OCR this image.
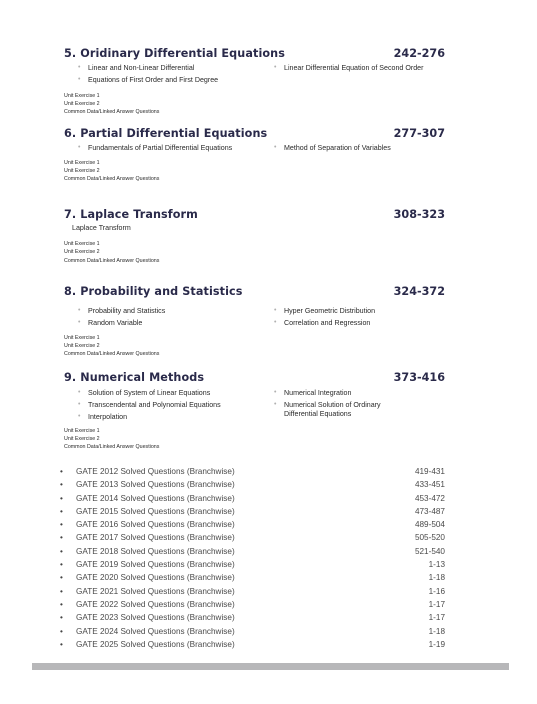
5. Oridinary Differential Equations	242-276
• Linear and Non-Linear Differential
• Equations of First Order and First Degree
• Linear Differential Equation of Second Order
Unit Exercise 1
Unit Exercise 2
Common Data/Linked Answer Questions
6. Partial Differential Equations	277-307
• Fundamentals of Partial Differential Equations
•	Method of Separation of Variables
Unit Exercise 1
Unit Exercise 2
Common Data/Linked Answer Questions
7. Laplace Transform	308-323
Laplace Transform
Unit Exercise 1
Unit Exercise 2
Common Data/Linked Answer Questions
8. Probability and Statistics	324-372
• Probability and Statistics
• Random Variable
• Hyper Geometric Distribution
• Correlation and Regression
Unit Exercise 1
Unit Exercise 2
Common Data/Linked Answer Questions
9. Numerical Methods	373-416
• Solution of System of Linear Equations
• Transcendental and Polynomial Equations
• Interpolation
• Numerical Integration
• Numerical Solution of Ordinary Differential Equations
Unit Exercise 1
Unit Exercise 2
Common Data/Linked Answer Questions
• GATE 2012 Solved Questions (Branchwise)	419-431
• GATE 2013 Solved Questions (Branchwise)	433-451
• GATE 2014 Solved Questions (Branchwise)	453-472
• GATE 2015 Solved Questions (Branchwise)	473-487
• GATE 2016 Solved Questions (Branchwise)	489-504
• GATE 2017 Solved Questions (Branchwise)	505-520
• GATE 2018 Solved Questions (Branchwise)	521-540
• GATE 2019 Solved Questions (Branchwise)	1-13
• GATE 2020 Solved Questions (Branchwise)	1-18
• GATE 2021 Solved Questions (Branchwise)	1-16
• GATE 2022 Solved Questions (Branchwise)	1-17
• GATE 2023 Solved Questions (Branchwise)	1-17
• GATE 2024 Solved Questions (Branchwise)	1-18
• GATE 2025 Solved Questions (Branchwise)	1-19
